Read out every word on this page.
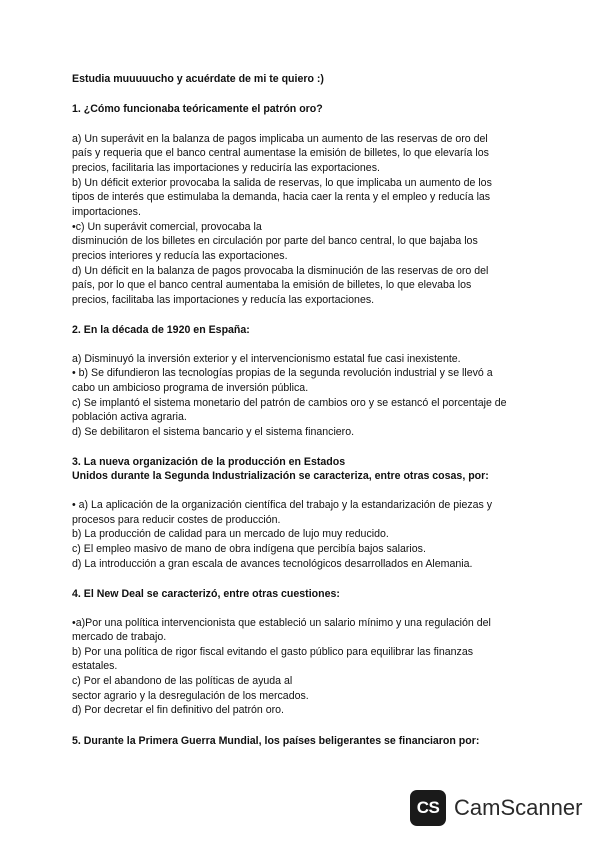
Estudia muuuuucho y acuérdate de mi te quiero :)
1. ¿Cómo funcionaba teóricamente el patrón oro?
a) Un superávit en la balanza de pagos implicaba un aumento de las reservas de oro del
país y requeria que el banco central aumentase la emisión de billetes, lo que elevaría los
precios, facilitaria las importaciones y reduciría las exportaciones.
b) Un déficit exterior provocaba la salida de reservas, lo que implicaba un aumento de los
tipos de interés que estimulaba la demanda, hacia caer la renta y el empleo y reducía las
importaciones.
•c) Un superávit comercial, provocaba la
disminución de los billetes en circulación por parte del banco central, lo que bajaba los
precios interiores y reducía las exportaciones.
d) Un déficit en la balanza de pagos provocaba la disminución de las reservas de oro del
país, por lo que el banco central aumentaba la emisión de billetes, lo que elevaba los
precios, facilitaba las importaciones y reducía las exportaciones.
2. En la década de 1920 en España:
a) Disminuyó la inversión exterior y el intervencionismo estatal fue casi inexistente.
• b) Se difundieron las tecnologías propias de la segunda revolución industrial y se llevó a
cabo un ambicioso programa de inversión pública.
c) Se implantó el sistema monetario del patrón de cambios oro y se estancó el porcentaje de
población activa agraria.
d) Se debilitaron el sistema bancario y el sistema financiero.
3. La nueva organización de la producción en Estados
Unidos durante la Segunda Industrialización se caracteriza, entre otras cosas, por:
• a) La aplicación de la organización científica del trabajo y la estandarización de piezas y
procesos para reducir costes de producción.
b) La producción de calidad para un mercado de lujo muy reducido.
c) El empleo masivo de mano de obra indígena que percibía bajos salarios.
d) La introducción a gran escala de avances tecnológicos desarrollados en Alemania.
4. El New Deal se caracterizó, entre otras cuestiones:
•a)Por una política intervencionista que estableció un salario mínimo y una regulación del
mercado de trabajo.
b) Por una política de rigor fiscal evitando el gasto público para equilibrar las finanzas
estatales.
c) Por el abandono de las políticas de ayuda al
sector agrario y la desregulación de los mercados.
d) Por decretar el fin definitivo del patrón oro.
5. Durante la Primera Guerra Mundial, los países beligerantes se financiaron por:
CS CamScanner
